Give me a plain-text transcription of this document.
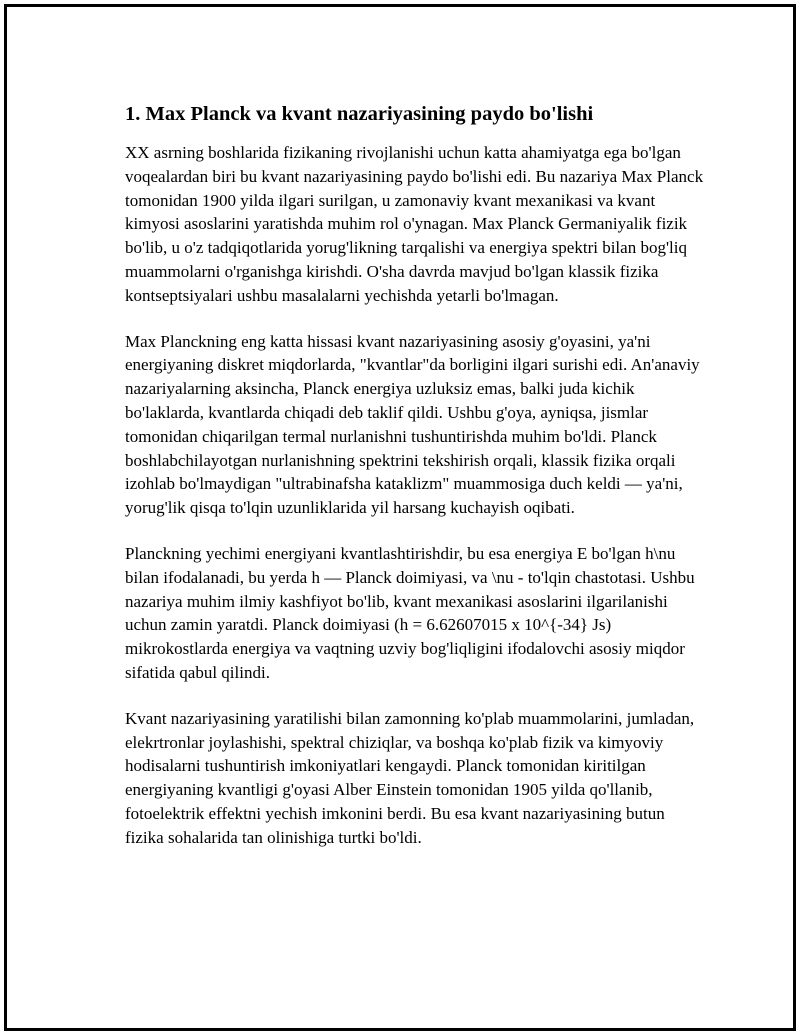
1. Max Planck va kvant nazariyasining paydo bo'lishi

XX asrning boshlarida fizikaning rivojlanishi uchun katta ahamiyatga ega bo'lgan voqealardan biri bu kvant nazariyasining paydo bo'lishi edi. Bu nazariya Max Planck tomonidan 1900 yilda ilgari surilgan, u zamonaviy kvant mexanikasi va kvant kimyosi asoslarini yaratishda muhim rol o'ynagan. Max Planck Germaniyalik fizik bo'lib, u o'z tadqiqotlarida yorug'likning tarqalishi va energiya spektri bilan bog'liq muammolarni o'rganishga kirishdi. O'sha davrda mavjud bo'lgan klassik fizika kontseptsiyalari ushbu masalalarni yechishda yetarli bo'lmagan.

Max Planckning eng katta hissasi kvant nazariyasining asosiy g'oyasini, ya'ni energiyaning diskret miqdorlarda, "kvantlar"da borligini ilgari surishi edi. An'anaviy nazariyalarning aksincha, Planck energiya uzluksiz emas, balki juda kichik bo'laklarda, kvantlarda chiqadi deb taklif qildi. Ushbu g'oya, ayniqsa, jismlar tomonidan chiqarilgan termal nurlanishni tushuntirishda muhim bo'ldi. Planck boshlabchilayotgan nurlanishning spektrini tekshirish orqali, klassik fizika orqali izohlab bo'lmaydigan "ultrabinafsha kataklizm" muammosiga duch keldi — ya'ni, yorug'lik qisqa to'lqin uzunliklarida yil harsang kuchayish oqibati.

Planckning yechimi energiyani kvantlashtirishdir, bu esa energiya E bo'lgan h\nu bilan ifodalanadi, bu yerda h — Planck doimiyasi, va \nu - to'lqin chastotasi. Ushbu nazariya muhim ilmiy kashfiyot bo'lib, kvant mexanikasi asoslarini ilgarilanishi uchun zamin yaratdi. Planck doimiyasi (h = 6.62607015 x 10^{-34} Js) mikrokostlarda energiya va vaqtning uzviy bog'liqligini ifodalovchi asosiy miqdor sifatida qabul qilindi.

Kvant nazariyasining yaratilishi bilan zamonning ko'plab muammolarini, jumladan, elekrtronlar joylashishi, spektral chiziqlar, va boshqa ko'plab fizik va kimyoviy hodisalarni tushuntirish imkoniyatlari kengaydi. Planck tomonidan kiritilgan energiyaning kvantligi g'oyasi Alber Einstein tomonidan 1905 yilda qo'llanib, fotoelektrik effektni yechish imkonini berdi. Bu esa kvant nazariyasining butun fizika sohalarida tan olinishiga turtki bo'ldi.
